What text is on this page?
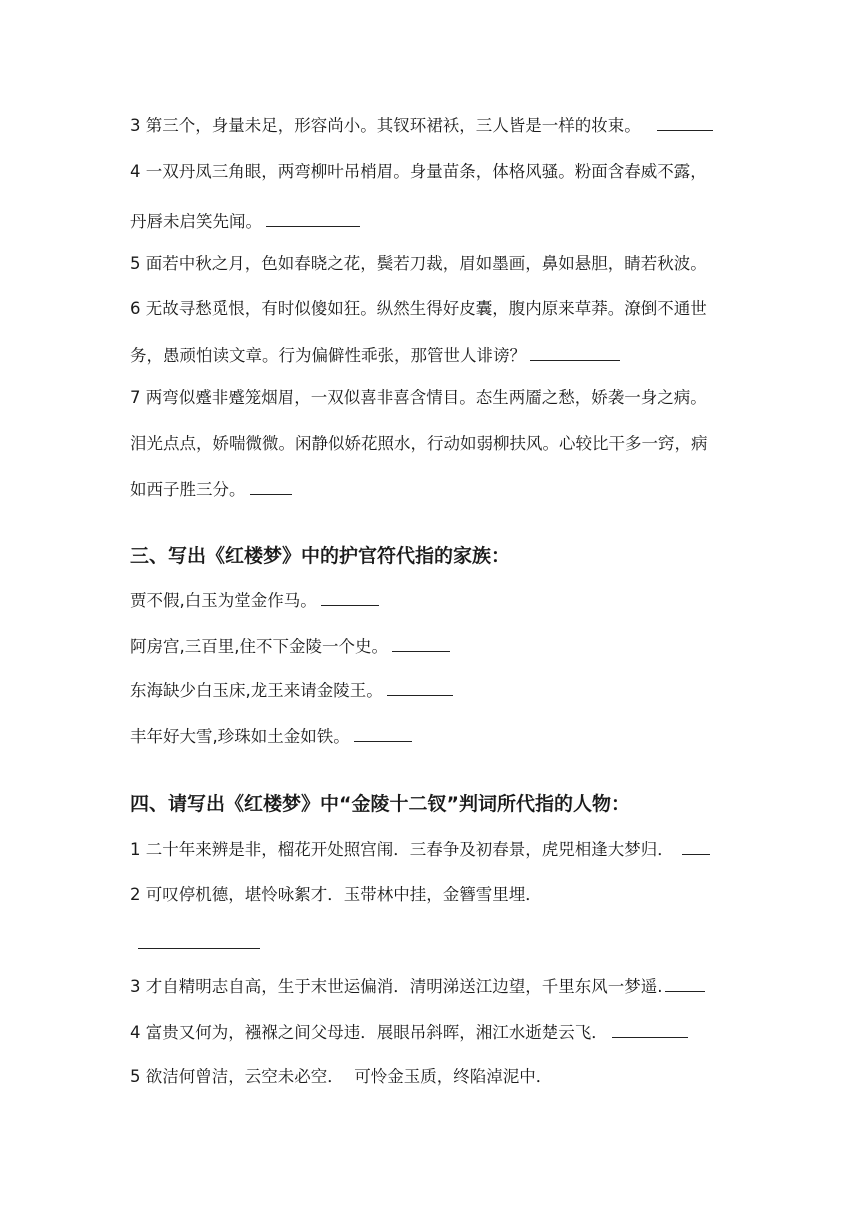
3 第三个，身量未足，形容尚小。其钗环裙袄，三人皆是一样的妆束。
4 一双丹凤三角眼，两弯柳叶吊梢眉。身量苗条，体格风骚。粉面含春威不露，
丹唇未启笑先闻。
5 面若中秋之月，色如春晓之花，鬓若刀裁，眉如墨画，鼻如悬胆，睛若秋波。
6 无故寻愁觅恨，有时似傻如狂。纵然生得好皮囊，腹内原来草莽。潦倒不通世
务，愚顽怕读文章。行为偏僻性乖张，那管世人诽谤？
7 两弯似蹙非蹙笼烟眉，一双似喜非喜含情目。态生两靥之愁，娇袭一身之病。
泪光点点，娇喘微微。闲静似娇花照水，行动如弱柳扶风。心较比干多一窍，病
如西子胜三分。
三、写出《红楼梦》中的护官符代指的家族：
贾不假,白玉为堂金作马。
阿房宫,三百里,住不下金陵一个史。
东海缺少白玉床,龙王来请金陵王。
丰年好大雪,珍珠如土金如铁。
四、请写出《红楼梦》中“金陵十二钗”判词所代指的人物：
1 二十年来辨是非，榴花开处照宫闱．三春争及初春景，虎兕相逢大梦归．
2 可叹停机德，堪怜咏絮才．玉带林中挂，金簪雪里埋．
3 才自精明志自高，生于末世运偏消．清明涕送江边望，千里东风一梦遥.
4 富贵又何为，襁褓之间父母违．展眼吊斜晖，湘江水逝楚云飞．
5 欲洁何曾洁，云空未必空．  可怜金玉质，终陷淖泥中．
